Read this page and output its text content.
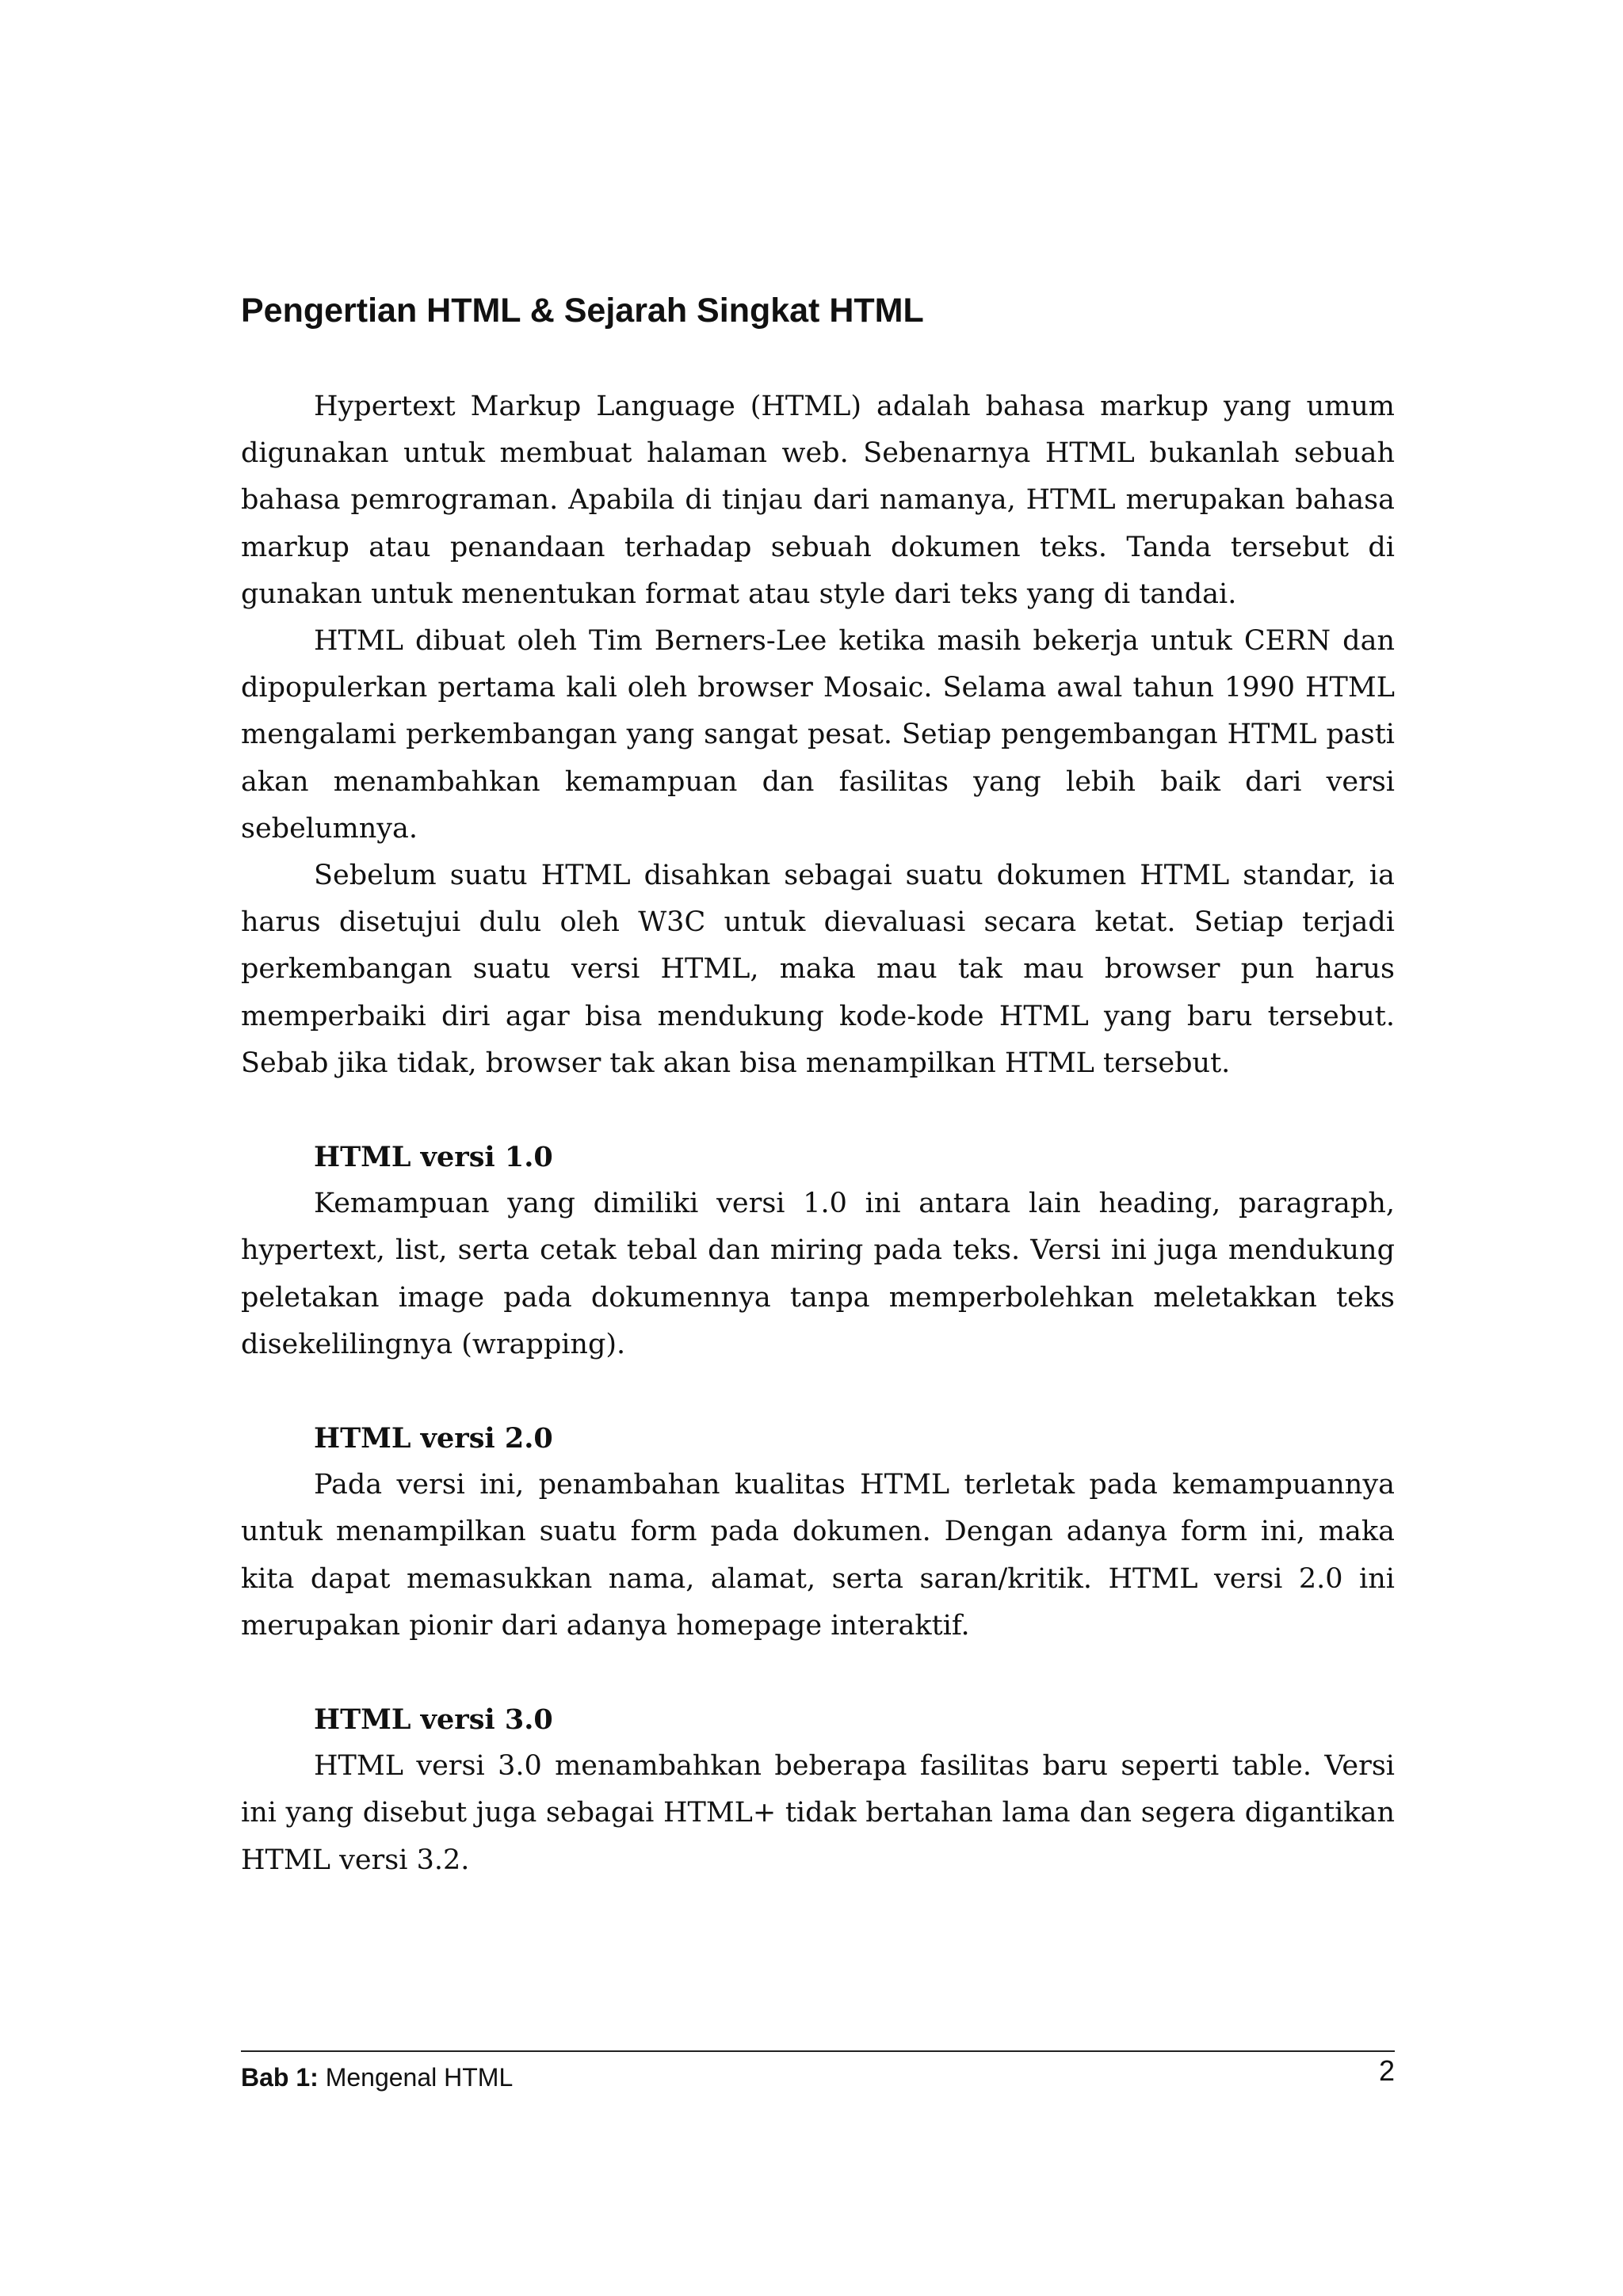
Pengertian HTML & Sejarah Singkat HTML

Hypertext Markup Language (HTML) adalah bahasa markup yang umum digunakan untuk membuat halaman web. Sebenarnya HTML bukanlah sebuah bahasa pemrograman. Apabila di tinjau dari namanya, HTML merupakan bahasa markup atau penandaan terhadap sebuah dokumen teks. Tanda tersebut di gunakan untuk menentukan format atau style dari teks yang di tandai.

HTML dibuat oleh Tim Berners-Lee ketika masih bekerja untuk CERN dan dipopulerkan pertama kali oleh browser Mosaic. Selama awal tahun 1990 HTML mengalami perkembangan yang sangat pesat. Setiap pengembangan HTML pasti akan menambahkan kemampuan dan fasilitas yang lebih baik dari versi sebelumnya.

Sebelum suatu HTML disahkan sebagai suatu dokumen HTML standar, ia harus disetujui dulu oleh W3C untuk dievaluasi secara ketat. Setiap terjadi perkembangan suatu versi HTML, maka mau tak mau browser pun harus memperbaiki diri agar bisa mendukung kode-kode HTML yang baru tersebut. Sebab jika tidak, browser tak akan bisa menampilkan HTML tersebut.

HTML versi 1.0

Kemampuan yang dimiliki versi 1.0 ini antara lain heading, paragraph, hypertext, list, serta cetak tebal dan miring pada teks. Versi ini juga mendukung peletakan image pada dokumennya tanpa memperbolehkan meletakkan teks disekelilingnya (wrapping).

HTML versi 2.0

Pada versi ini, penambahan kualitas HTML terletak pada kemampuannya untuk menampilkan suatu form pada dokumen. Dengan adanya form ini, maka kita dapat memasukkan nama, alamat, serta saran/kritik. HTML versi 2.0 ini merupakan pionir dari adanya homepage interaktif.

HTML versi 3.0

HTML versi 3.0 menambahkan beberapa fasilitas baru seperti table. Versi ini yang disebut juga sebagai HTML+ tidak bertahan lama dan segera digantikan HTML versi 3.2.

Bab 1: Mengenal HTML	2
